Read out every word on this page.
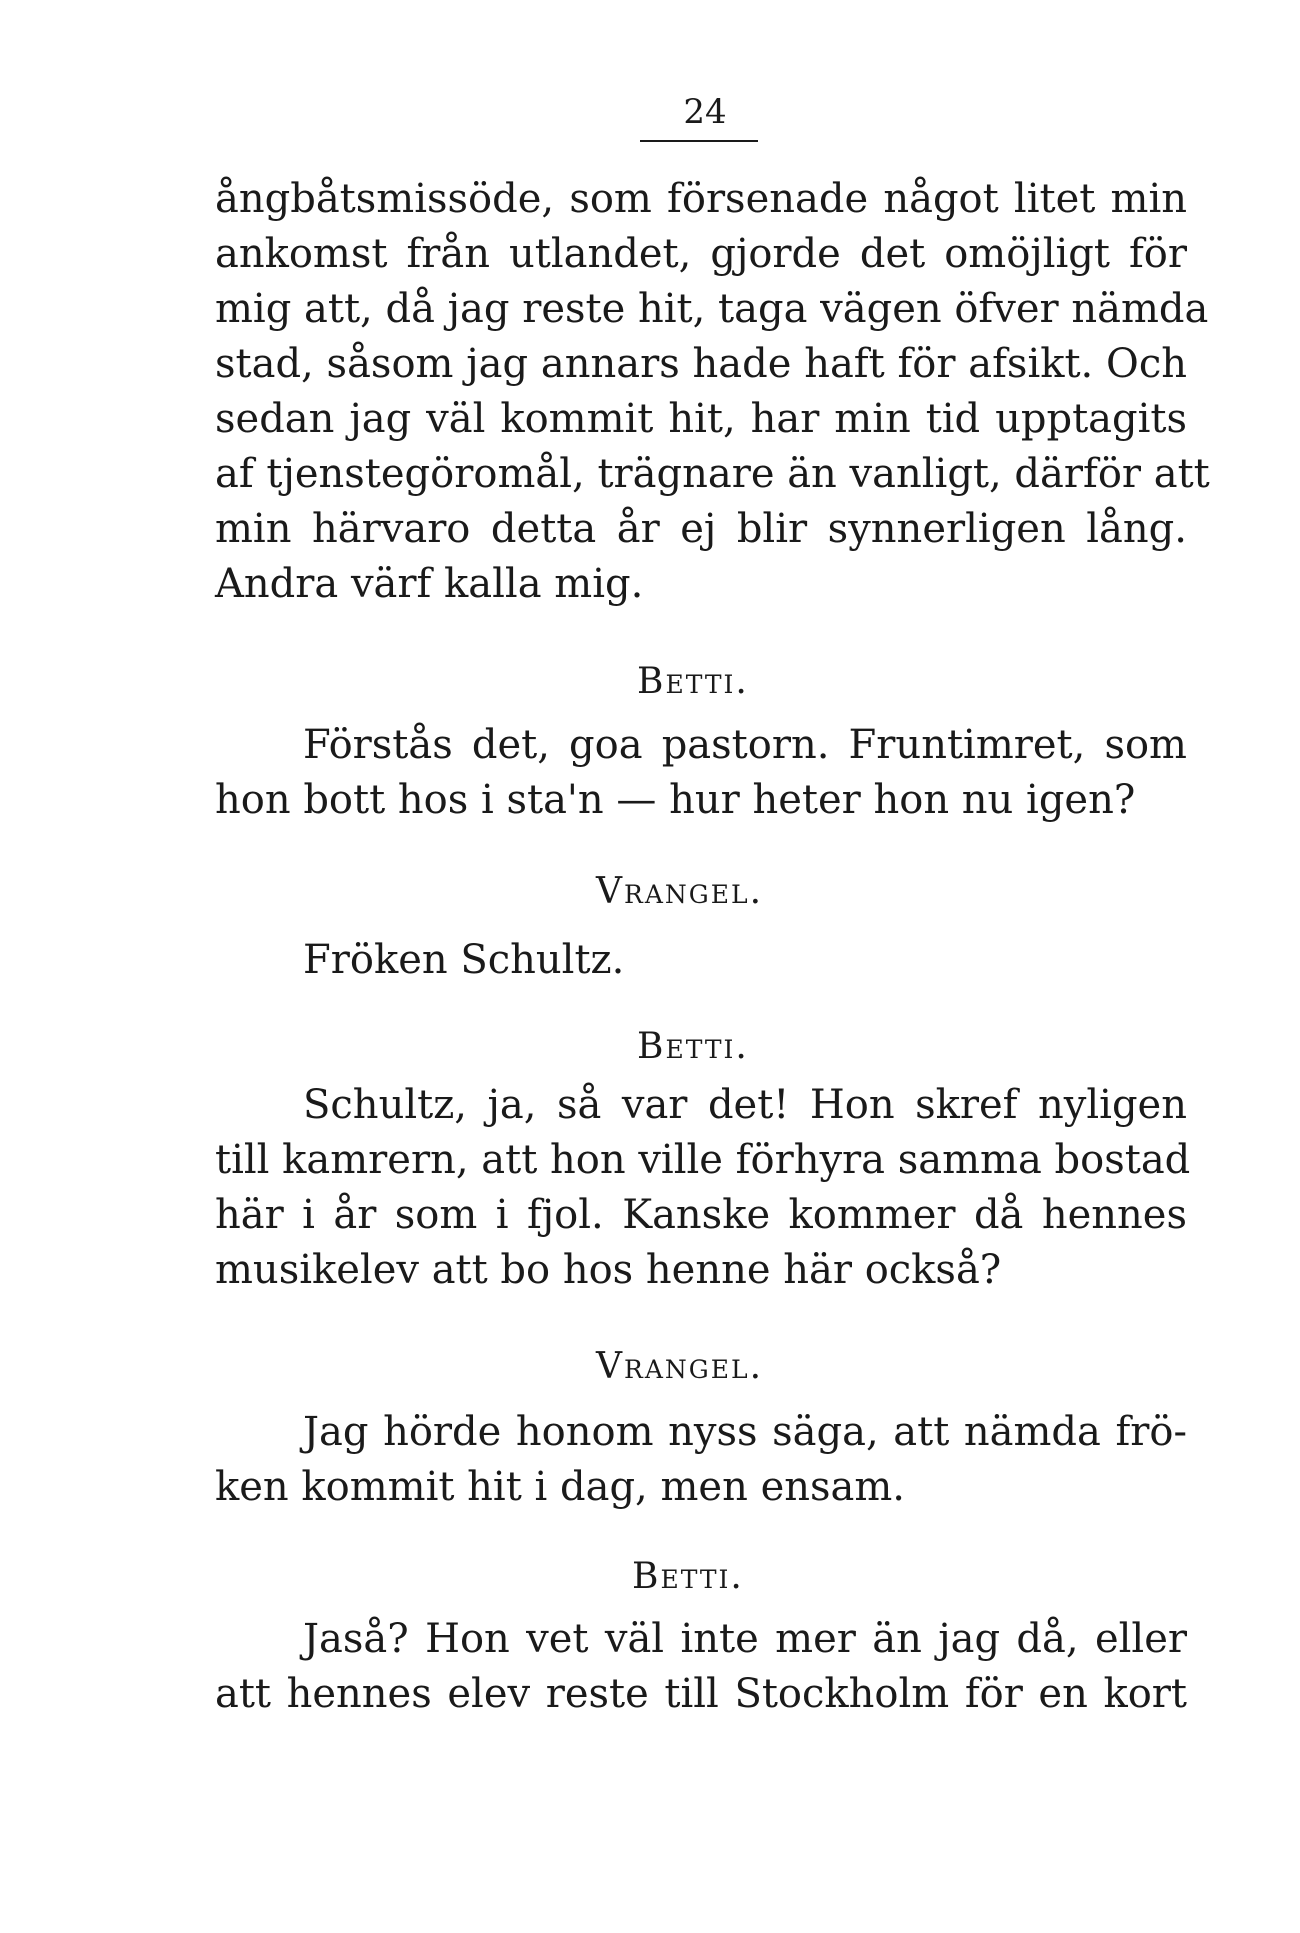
24
ångbåtsmissöde, som försenade något litet min
ankomst från utlandet, gjorde det omöjligt för
mig att, då jag reste hit, taga vägen öfver nämda
stad, såsom jag annars hade haft för afsikt. Och
sedan jag väl kommit hit, har min tid upptagits
af tjenstegöromål, trägnare än vanligt, därför att
min härvaro detta år ej blir synnerligen lång.
Andra värf kalla mig.
Betti.
Förstås det, goa pastorn. Fruntimret, som
hon bott hos i sta'n — hur heter hon nu igen?
Vrangel.
Fröken Schultz.
Betti.
Schultz, ja, så var det! Hon skref nyligen
till kamrern, att hon ville förhyra samma bostad
här i år som i fjol. Kanske kommer då hennes
musikelev att bo hos henne här också?
Vrangel.
Jag hörde honom nyss säga, att nämda frö-
ken kommit hit i dag, men ensam.
Betti.
Jaså? Hon vet väl inte mer än jag då, eller
att hennes elev reste till Stockholm för en kort
